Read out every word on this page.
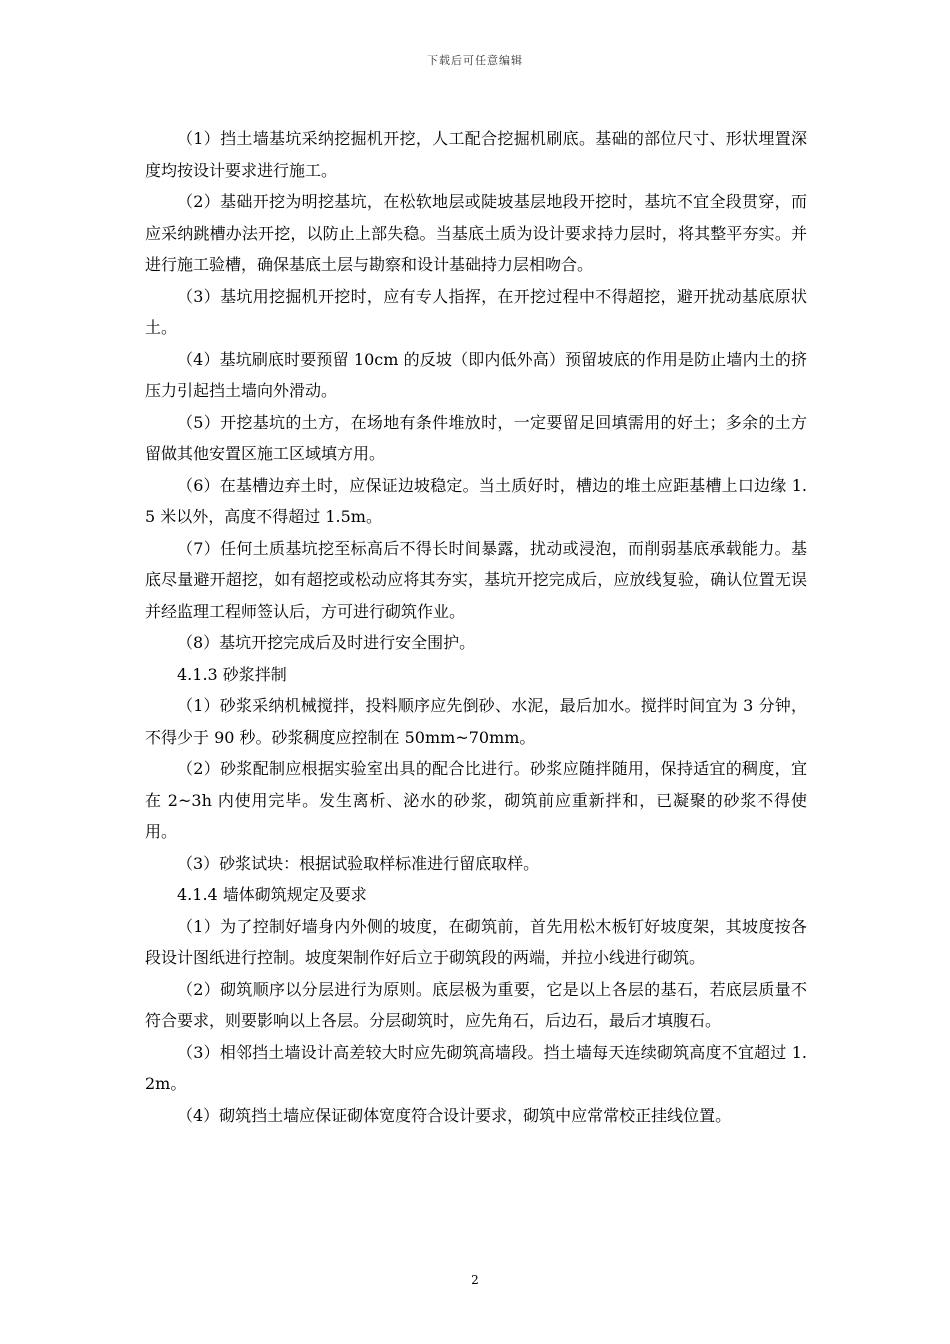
下载后可任意编辑

（1）挡土墙基坑采纳挖掘机开挖，人工配合挖掘机刷底。基础的部位尺寸、形状埋置深度均按设计要求进行施工。

（2）基础开挖为明挖基坑，在松软地层或陡坡基层地段开挖时，基坑不宜全段贯穿，而应采纳跳槽办法开挖，以防止上部失稳。当基底土质为设计要求持力层时，将其整平夯实。并进行施工验槽，确保基底土层与勘察和设计基础持力层相吻合。

（3）基坑用挖掘机开挖时，应有专人指挥，在开挖过程中不得超挖，避开扰动基底原状土。

（4）基坑刷底时要预留 10cm 的反坡（即内低外高）预留坡底的作用是防止墙内土的挤压力引起挡土墙向外滑动。

（5）开挖基坑的土方，在场地有条件堆放时，一定要留足回填需用的好土；多余的土方留做其他安置区施工区域填方用。

（6）在基槽边弃土时，应保证边坡稳定。当土质好时，槽边的堆土应距基槽上口边缘 1.5 米以外，高度不得超过 1.5m。

（7）任何土质基坑挖至标高后不得长时间暴露，扰动或浸泡，而削弱基底承载能力。基底尽量避开超挖，如有超挖或松动应将其夯实，基坑开挖完成后，应放线复验，确认位置无误并经监理工程师签认后，方可进行砌筑作业。

（8）基坑开挖完成后及时进行安全围护。

4.1.3 砂浆拌制

（1）砂浆采纳机械搅拌，投料顺序应先倒砂、水泥，最后加水。搅拌时间宜为 3 分钟，不得少于 90 秒。砂浆稠度应控制在 50mm~70mm。

（2）砂浆配制应根据实验室出具的配合比进行。砂浆应随拌随用，保持适宜的稠度，宜在 2~3h 内使用完毕。发生离析、泌水的砂浆，砌筑前应重新拌和，已凝聚的砂浆不得使用。

（3）砂浆试块：根据试验取样标准进行留底取样。

4.1.4 墙体砌筑规定及要求

（1）为了控制好墙身内外侧的坡度，在砌筑前，首先用松木板钉好坡度架，其坡度按各段设计图纸进行控制。坡度架制作好后立于砌筑段的两端，并拉小线进行砌筑。

（2）砌筑顺序以分层进行为原则。底层极为重要，它是以上各层的基石，若底层质量不符合要求，则要影响以上各层。分层砌筑时，应先角石，后边石，最后才填腹石。

（3）相邻挡土墙设计高差较大时应先砌筑高墙段。挡土墙每天连续砌筑高度不宜超过 1.2m。

（4）砌筑挡土墙应保证砌体宽度符合设计要求，砌筑中应常常校正挂线位置。

2
